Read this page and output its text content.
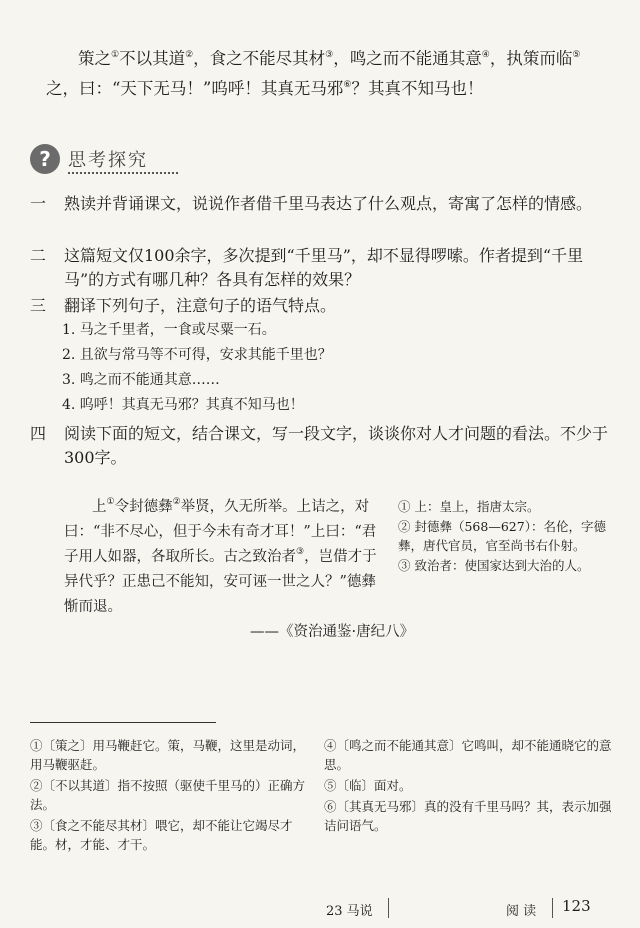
策之①不以其道②，食之不能尽其材③，鸣之而不能通其意④，执策而临⑤
之，曰：“天下无马！”呜呼！其真无马邪⑥？其真不知马也！
? 思考探究
一 熟读并背诵课文，说说作者借千里马表达了什么观点，寄寓了怎样的情感。
二 这篇短文仅100余字，多次提到“千里马”，却不显得啰嗦。作者提到“千里马”的方式有哪几种？各具有怎样的效果？
三 翻译下列句子，注意句子的语气特点。
1. 马之千里者，一食或尽粟一石。
2. 且欲与常马等不可得，安求其能千里也？
3. 鸣之而不能通其意……
4. 呜呼！其真无马邪？其真不知马也！
四 阅读下面的短文，结合课文，写一段文字，谈谈你对人才问题的看法。不少于300字。
上①令封德彝②举贤，久无所举。上诘之，对曰：“非不尽心，但于今未有奇才耳！”上曰：“君子用人如器，各取所长。古之致治者③，岂借才于异代乎？正患己不能知，安可诬一世之人？”德彝惭而退。
——《资治通鉴·唐纪八》
① 上：皇上，指唐太宗。
② 封德彝（568—627）：名伦，字德彝，唐代官员，官至尚书右仆射。
③ 致治者：使国家达到大治的人。
①〔策之〕用马鞭赶它。策，马鞭，这里是动词，用马鞭驱赶。
②〔不以其道〕指不按照（驱使千里马的）正确方法。
③〔食之不能尽其材〕喂它，却不能让它竭尽才能。材，才能、才干。
④〔鸣之而不能通其意〕它鸣叫，却不能通晓它的意思。
⑤〔临〕面对。
⑥〔其真无马邪〕真的没有千里马吗？其，表示加强诘问语气。
23 马说	阅 读 123
